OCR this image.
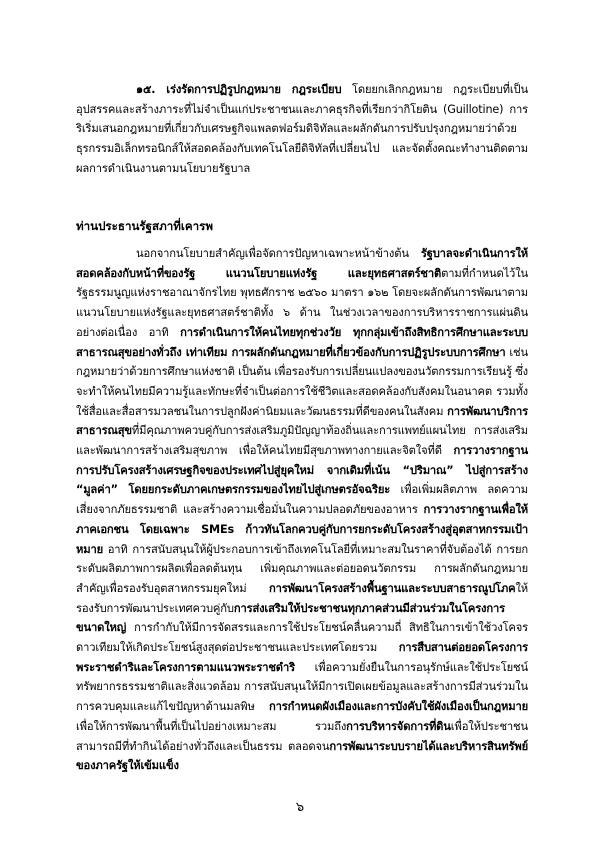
๑๕. เร่งรัดการปฏิรูปกฎหมาย กฎระเบียบ โดยยกเลิกกฎหมาย กฎระเบียบที่เป็นอุปสรรคและสร้างภาระที่ไม่จำเป็นแก่ประชาชนและภาคธุรกิจที่เรียกว่ากิโยติน (Guillotine) การริเริ่มเสนอกฎหมายที่เกี่ยวกับเศรษฐกิจแพลตฟอร์มดิจิทัลและผลักดันการปรับปรุงกฎหมายว่าด้วยธุรกรรมอิเล็กทรอนิกส์ให้สอดคล้องกับเทคโนโลยีดิจิทัลที่เปลี่ยนไป และจัดตั้งคณะทำงานติดตามผลการดำเนินงานตามนโยบายรัฐบาล

ท่านประธานรัฐสภาที่เคารพ

นอกจากนโยบายสำคัญเพื่อจัดการปัญหาเฉพาะหน้าข้างต้น รัฐบาลจะดำเนินการให้สอดคล้องกับหน้าที่ของรัฐ แนวนโยบายแห่งรัฐ และยุทธศาสตร์ชาติตามที่กำหนดไว้ในรัฐธรรมนูญแห่งราชอาณาจักรไทย พุทธศักราช ๒๕๖๐ มาตรา ๑๖๒ โดยจะผลักดันการพัฒนาตามแนวนโยบายแห่งรัฐและยุทธศาสตร์ชาติทั้ง ๖ ด้าน ในช่วงเวลาของการบริหารราชการแผ่นดินอย่างต่อเนื่อง อาทิ การดำเนินการให้คนไทยทุกช่วงวัย ทุกกลุ่มเข้าถึงสิทธิการศึกษาและระบบสาธารณสุขอย่างทั่วถึง เท่าเทียม การผลักดันกฎหมายที่เกี่ยวข้องกับการปฏิรูประบบการศึกษา เช่น กฎหมายว่าด้วยการศึกษาแห่งชาติ เป็นต้น เพื่อรองรับการเปลี่ยนแปลงของนวัตกรรมการเรียนรู้ ซึ่งจะทำให้คนไทยมีความรู้และทักษะที่จำเป็นต่อการใช้ชีวิตและสอดคล้องกับสังคมในอนาคต รวมทั้งใช้สื่อและสื่อสารมวลชนในการปลูกฝังค่านิยมและวัฒนธรรมที่ดีของคนในสังคม การพัฒนาบริการสาธารณสุขที่มีคุณภาพควบคู่กับการส่งเสริมภูมิปัญญาท้องถิ่นและการแพทย์แผนไทย การส่งเสริมและพัฒนาการสร้างเสริมสุขภาพ เพื่อให้คนไทยมีสุขภาพทางกายและจิตใจที่ดี การวางรากฐานการปรับโครงสร้างเศรษฐกิจของประเทศไปสู่ยุคใหม่ จากเดิมที่เน้น “ปริมาณ” ไปสู่การสร้าง “มูลค่า” โดยยกระดับภาคเกษตรกรรมของไทยไปสู่เกษตรอัจฉริยะ เพื่อเพิ่มผลิตภาพ ลดความเสี่ยงจากภัยธรรมชาติ และสร้างความเชื่อมั่นในความปลอดภัยของอาหาร การวางรากฐานเพื่อให้ภาคเอกชน โดยเฉพาะ SMEs ก้าวทันโลกควบคู่กับการยกระดับโครงสร้างสู่อุตสาหกรรมเป้าหมาย อาทิ การสนับสนุนให้ผู้ประกอบการเข้าถึงเทคโนโลยีที่เหมาะสมในราคาที่จับต้องได้ การยกระดับผลิตภาพการผลิตเพื่อลดต้นทุน เพิ่มคุณภาพและต่อยอดนวัตกรรม การผลักดันกฎหมายสำคัญเพื่อรองรับอุตสาหกรรมยุคใหม่ การพัฒนาโครงสร้างพื้นฐานและระบบสาธารณูปโภคให้รองรับการพัฒนาประเทศควบคู่กับการส่งเสริมให้ประชาชนทุกภาคส่วนมีส่วนร่วมในโครงการขนาดใหญ่ การกำกับให้มีการจัดสรรและการใช้ประโยชน์คลื่นความถี่ สิทธิในการเข้าใช้วงโคจรดาวเทียมให้เกิดประโยชน์สูงสุดต่อประชาชนและประเทศโดยรวม การสืบสานต่อยอดโครงการพระราชดำริและโครงการตามแนวพระราชดำริ เพื่อความยั่งยืนในการอนุรักษ์และใช้ประโยชน์ทรัพยากรธรรมชาติและสิ่งแวดล้อม การสนับสนุนให้มีการเปิดเผยข้อมูลและสร้างการมีส่วนร่วมในการควบคุมและแก้ไขปัญหาด้านมลพิษ การกำหนดผังเมืองและการบังคับใช้ผังเมืองเป็นกฎหมายเพื่อให้การพัฒนาพื้นที่เป็นไปอย่างเหมาะสม รวมถึงการบริหารจัดการที่ดินเพื่อให้ประชาชนสามารถมีที่ทำกินได้อย่างทั่วถึงและเป็นธรรม ตลอดจนการพัฒนาระบบรายได้และบริหารสินทรัพย์ของภาครัฐให้เข้มแข็ง

๖
